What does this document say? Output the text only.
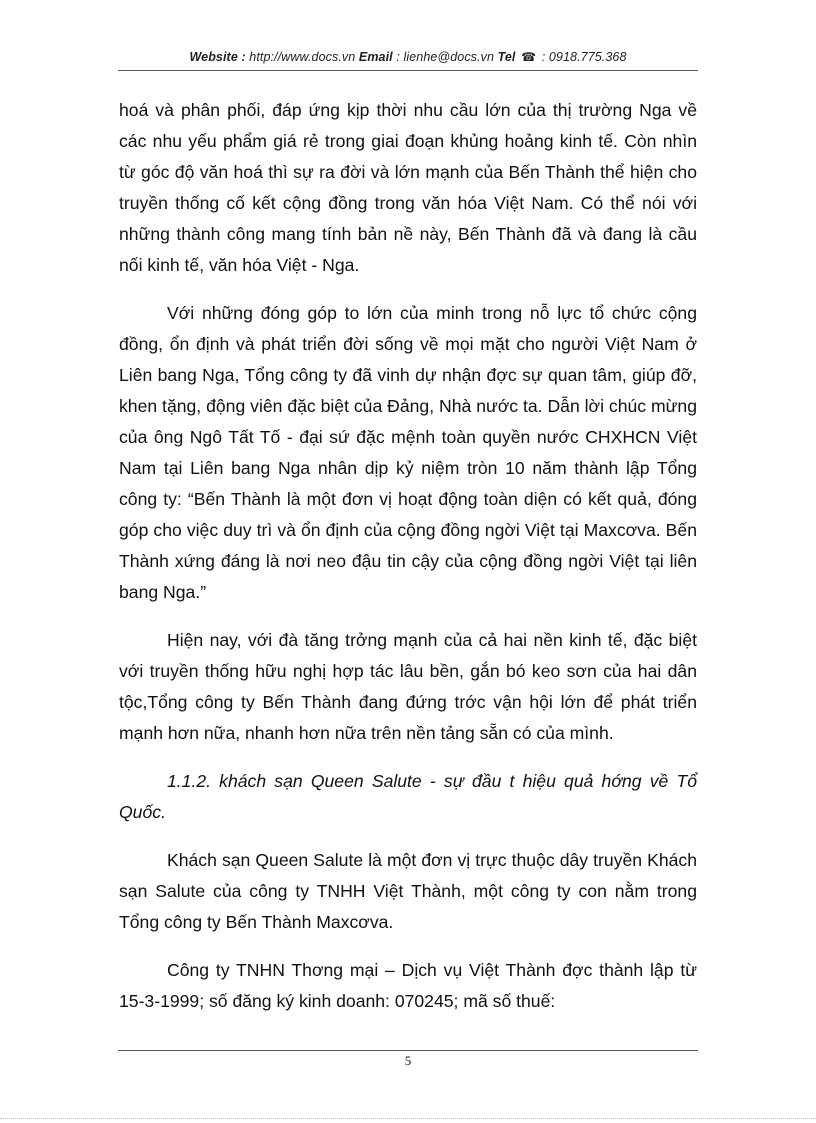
Website : http://www.docs.vn Email : lienhe@docs.vn Tel ☎ : 0918.775.368

hoá và phân phối, đáp ứng kịp thời nhu cầu lớn của thị trường Nga về các nhu yếu phẩm giá rẻ trong giai đoạn khủng hoảng kinh tế. Còn nhìn từ góc độ văn hoá thì sự ra đời và lớn mạnh của Bến Thành thể hiện cho truyền thống cố kết cộng đồng trong văn hóa Việt Nam. Có thể nói với những thành công mang tính bản nề này, Bến Thành đã và đang là cầu nối kinh tế, văn hóa Việt - Nga.

Với những đóng góp to lớn của minh trong nỗ lực tổ chức cộng đồng, ổn định và phát triển đời sống về mọi mặt cho người Việt Nam ở Liên bang Nga, Tổng công ty đã vinh dự nhận đợc sự quan tâm, giúp đỡ, khen tặng, động viên đặc biệt của Đảng, Nhà nước ta. Dẫn lời chúc mừng của ông Ngô Tất Tố - đại sứ đặc mệnh toàn quyền nước CHXHCN Việt Nam tại Liên bang Nga nhân dịp kỷ niệm tròn 10 năm thành lập Tổng công ty: “Bến Thành là một đơn vị hoạt động toàn diện có kết quả, đóng góp cho việc duy trì và ổn định của cộng đồng ngời Việt tại Maxcơva. Bến Thành xứng đáng là nơi neo đậu tin cậy của cộng đồng ngời Việt tại liên bang Nga.”

Hiện nay, với đà tăng trởng mạnh của cả hai nền kinh tế, đặc biệt với truyền thống hữu nghị hợp tác lâu bền, gắn bó keo sơn của hai dân tộc,Tổng công ty Bến Thành đang đứng trớc vận hội lớn để phát triển mạnh hơn nữa, nhanh hơn nữa trên nền tảng sẵn có của mình.

1.1.2. khách sạn Queen Salute - sự đầu t hiệu quả hớng về Tổ Quốc.

Khách sạn Queen Salute là một đơn vị trực thuộc dây truyền Khách sạn Salute của công ty TNHH Việt Thành, một công ty con nằm trong Tổng công ty Bến Thành Maxcơva.

Công ty TNHN Thơng mại – Dịch vụ Việt Thành đợc thành lập từ 15-3-1999; số đăng ký kinh doanh: 070245; mã số thuế:

5
